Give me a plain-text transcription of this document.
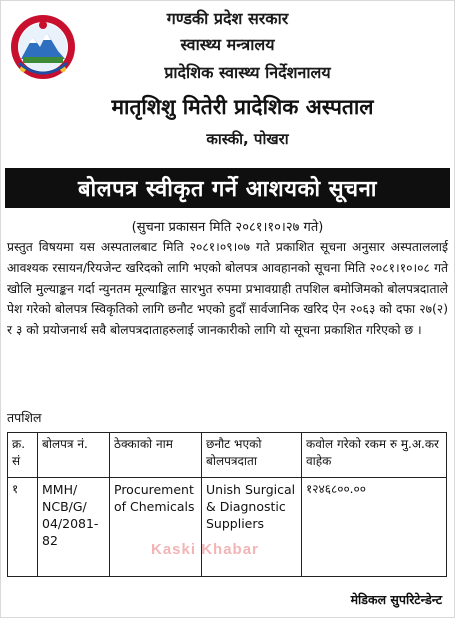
गण्डकी प्रदेश सरकार
स्वास्थ्य मन्त्रालय
प्रादेशिक स्वास्थ्य निर्देशनालय
मातृशिशु मितेरी प्रादेशिक अस्पताल
कास्की, पोखरा
बोलपत्र स्वीकृत गर्ने आशयको सूचना
(सुचना प्रकासन मिति २०८१।१०।२७ गते)
प्रस्तुत विषयमा यस अस्पतालबाट मिति २०८१।०९।०७ गते प्रकाशित सूचना अनुसार अस्पताललाई आवश्यक रसायन/रियजेन्ट खरिदको लागि भएको बोलपत्र आवहानको सूचना मिति २०८१।१०।०८ गते खोलि मुल्याङ्कन गर्दा न्युनतम मूल्याङ्कित सारभुत रुपमा प्रभावग्राही तपशिल बमोजिमको बोलपत्रदाताले पेश गरेको बोलपत्र स्विकृतिको लागि छनौट भएको हुदाँ सार्वजानिक खरिद ऐन २०६३ को दफा २७(२) र ३ को प्रयोजनार्थ सवै बोलपत्रदाताहरुलाई जानकारीको लागि यो सूचना प्रकाशित गरिएको छ ।
तपशिल
क्र. सं	बोलपत्र नं.	ठेक्काको नाम	छनौट भएको बोलपत्रदाता	कवोल गरेको रकम रु मु.अ.कर वाहेक
१	MMH/ NCB/G/ 04/2081-82	Procurement of Chemicals	Unish Surgical & Diagnostic Suppliers	१२४६८००.००
Kaski Khabar
मेडिकल सुपरिटेन्डेन्ट
